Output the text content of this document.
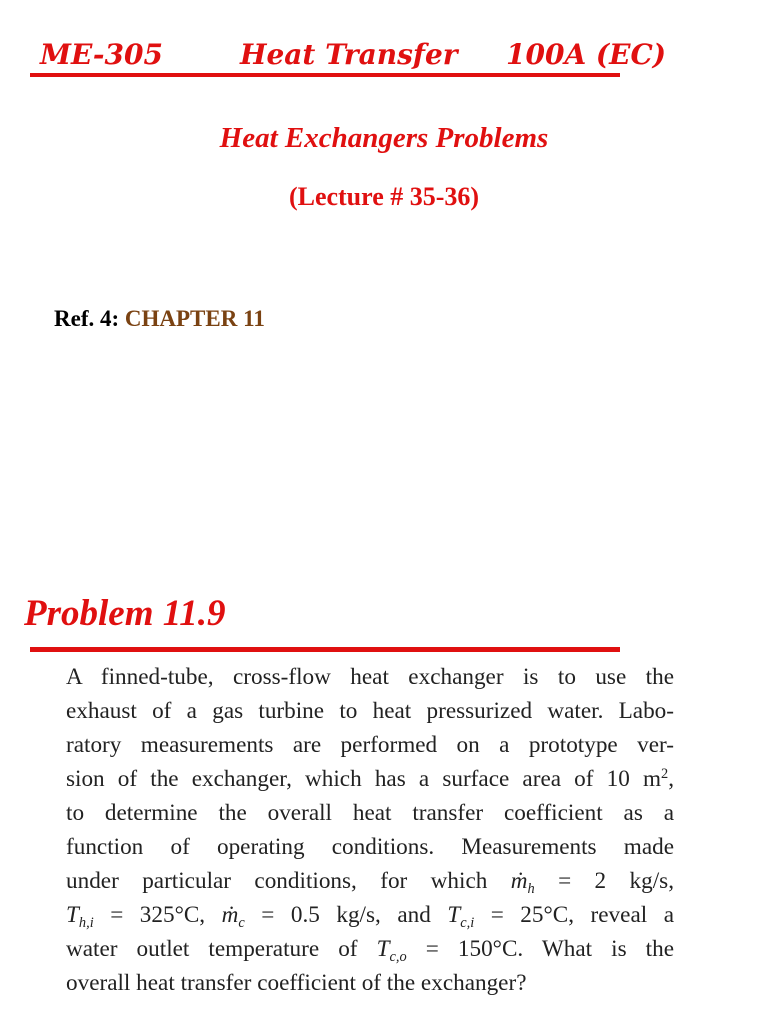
ME-305	Heat Transfer 100A (EC)
Heat Exchangers Problems
(Lecture # 35-36)
Ref. 4: CHAPTER 11
Problem 11.9
A finned-tube, cross-flow heat exchanger is to use the
exhaust of a gas turbine to heat pressurized water. Labo-
ratory measurements are performed on a prototype ver-
sion of the exchanger, which has a surface area of 10 $m^2$,
to determine the overall heat transfer coefficient as a
function of operating conditions. Measurements made
under particular conditions, for which ṁ$_h$ = 2 kg/s,
$T_{h,i} = 325^\circ C$, ṁ$_c$ = 0.5 kg/s, and $T_{c,i} = 25^\circ C$, reveal a
water outlet temperature of $T_{c,o} = 150^\circ C$. What is the
overall heat transfer coefficient of the exchanger?
